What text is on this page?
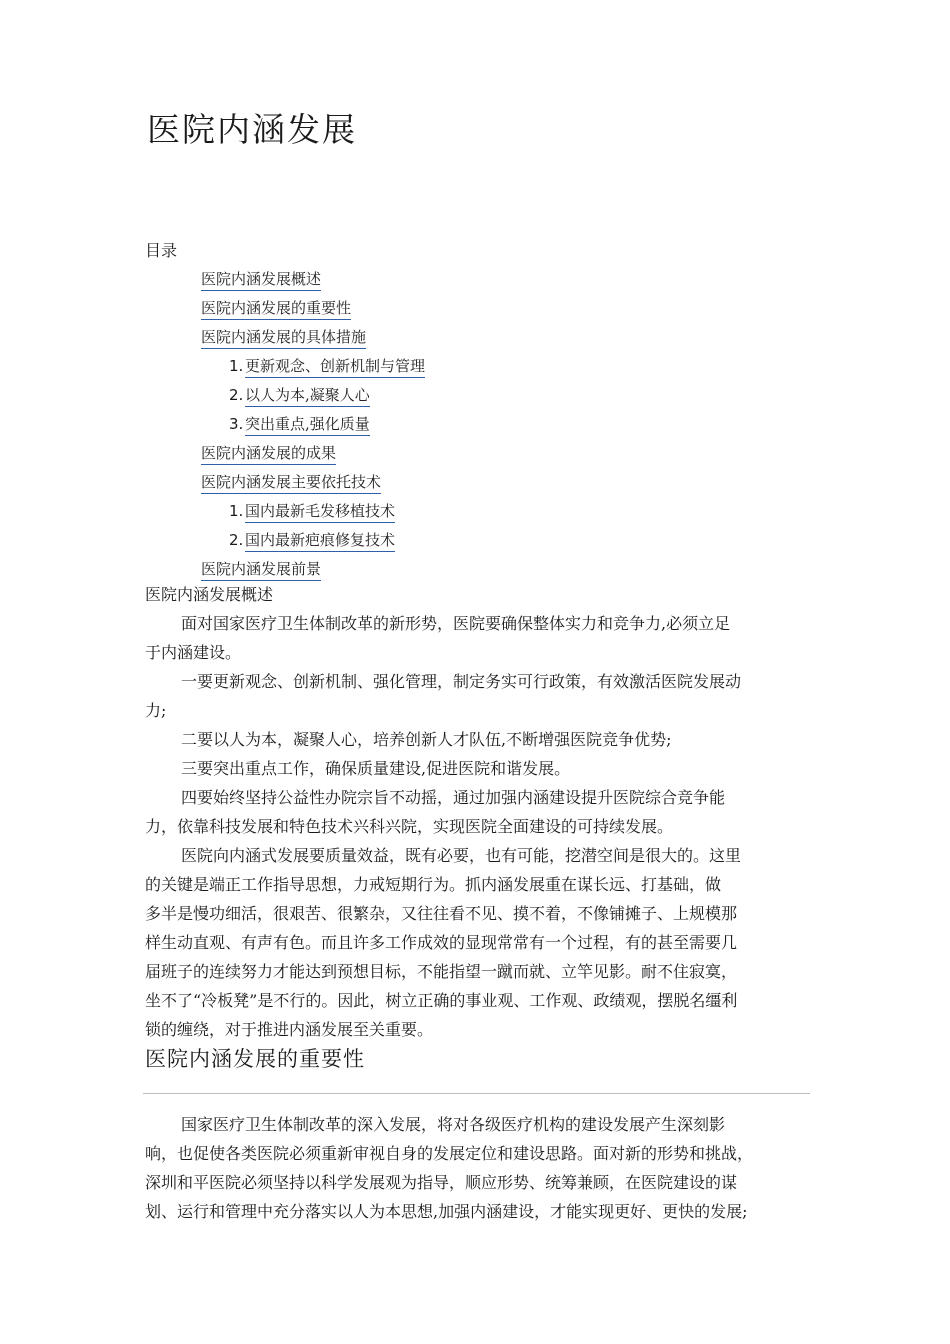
医院内涵发展
目录
医院内涵发展概述
医院内涵发展的重要性
医院内涵发展的具体措施
1. 更新观念、创新机制与管理
2. 以人为本,凝聚人心
3. 突出重点,强化质量
医院内涵发展的成果
医院内涵发展主要依托技术
1. 国内最新毛发移植技术
2. 国内最新疤痕修复技术
医院内涵发展前景
医院内涵发展概述
面对国家医疗卫生体制改革的新形势，医院要确保整体实力和竞争力,必须立足
于内涵建设。
一要更新观念、创新机制、强化管理，制定务实可行政策，有效激活医院发展动
力;
二要以人为本，凝聚人心，培养创新人才队伍,不断增强医院竞争优势;
三要突出重点工作，确保质量建设,促进医院和谐发展。
四要始终坚持公益性办院宗旨不动摇，通过加强内涵建设提升医院综合竞争能
力，依靠科技发展和特色技术兴科兴院，实现医院全面建设的可持续发展。
医院向内涵式发展要质量效益，既有必要，也有可能，挖潜空间是很大的。这里
的关键是端正工作指导思想，力戒短期行为。抓内涵发展重在谋长远、打基础，做
多半是慢功细活，很艰苦、很繁杂，又往往看不见、摸不着，不像铺摊子、上规模那
样生动直观、有声有色。而且许多工作成效的显现常常有一个过程，有的甚至需要几
届班子的连续努力才能达到预想目标，不能指望一蹴而就、立竿见影。耐不住寂寞，
坐不了“冷板凳”是不行的。因此，树立正确的事业观、工作观、政绩观，摆脱名缰利
锁的缠绕，对于推进内涵发展至关重要。
医院内涵发展的重要性
国家医疗卫生体制改革的深入发展，将对各级医疗机构的建设发展产生深刻影
响，也促使各类医院必须重新审视自身的发展定位和建设思路。面对新的形势和挑战，
深圳和平医院必须坚持以科学发展观为指导，顺应形势、统筹兼顾，在医院建设的谋
划、运行和管理中充分落实以人为本思想,加强内涵建设，才能实现更好、更快的发展;
